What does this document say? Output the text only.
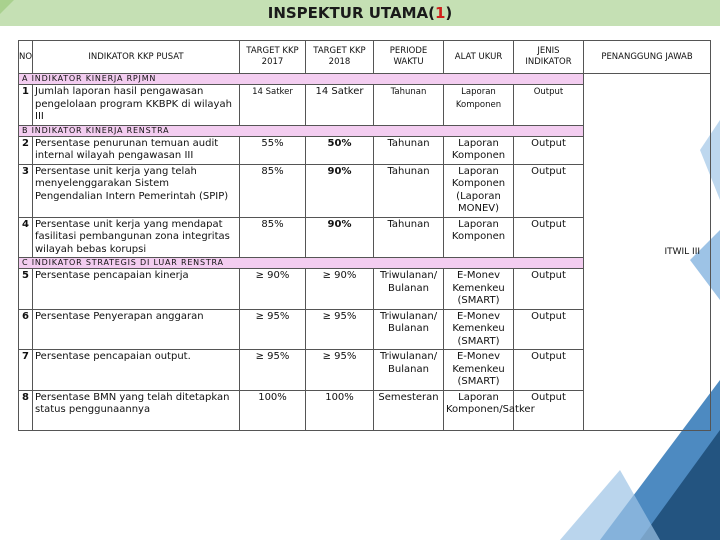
INSPEKTUR UTAMA(1)
NO	INDIKATOR KKP PUSAT	TARGET KKP 2017	TARGET KKP 2018	PERIODE WAKTU	ALAT UKUR	JENIS INDIKATOR	PENANGGUNG JAWAB
A INDIKATOR KINERJA RPJMN							ITWIL III
1	Jumlah laporan hasil pengawasan pengelolaan program KKBPK di wilayah III	14 Satker	14 Satker	Tahunan	Laporan Komponen	Output	
B INDIKATOR KINERJA RENSTRA							
2	Persentase penurunan temuan audit internal wilayah pengawasan III	55%	50%	Tahunan	Laporan Komponen	Output	
3	Persentase unit kerja yang telah menyelenggarakan Sistem Pengendalian Intern Pemerintah (SPIP)	85%	90%	Tahunan	Laporan Komponen (Laporan MONEV)	Output	
4	Persentase unit kerja yang mendapat fasilitasi pembangunan zona integritas wilayah bebas korupsi	85%	90%	Tahunan	Laporan Komponen	Output	
C INDIKATOR STRATEGIS DI LUAR RENSTRA							
5	Persentase pencapaian kinerja	≥ 90%	≥ 90%	Triwulanan/ Bulanan	E-Monev Kemenkeu (SMART)	Output	
6	Persentase Penyerapan anggaran	≥ 95%	≥ 95%	Triwulanan/ Bulanan	E-Monev Kemenkeu (SMART)	Output	
7	Persentase pencapaian output.	≥ 95%	≥ 95%	Triwulanan/ Bulanan	E-Monev Kemenkeu (SMART)	Output	
8	Persentase BMN yang telah ditetapkan status penggunaannya	100%	100%	Semesteran	Laporan Komponen/Satker	Output	
